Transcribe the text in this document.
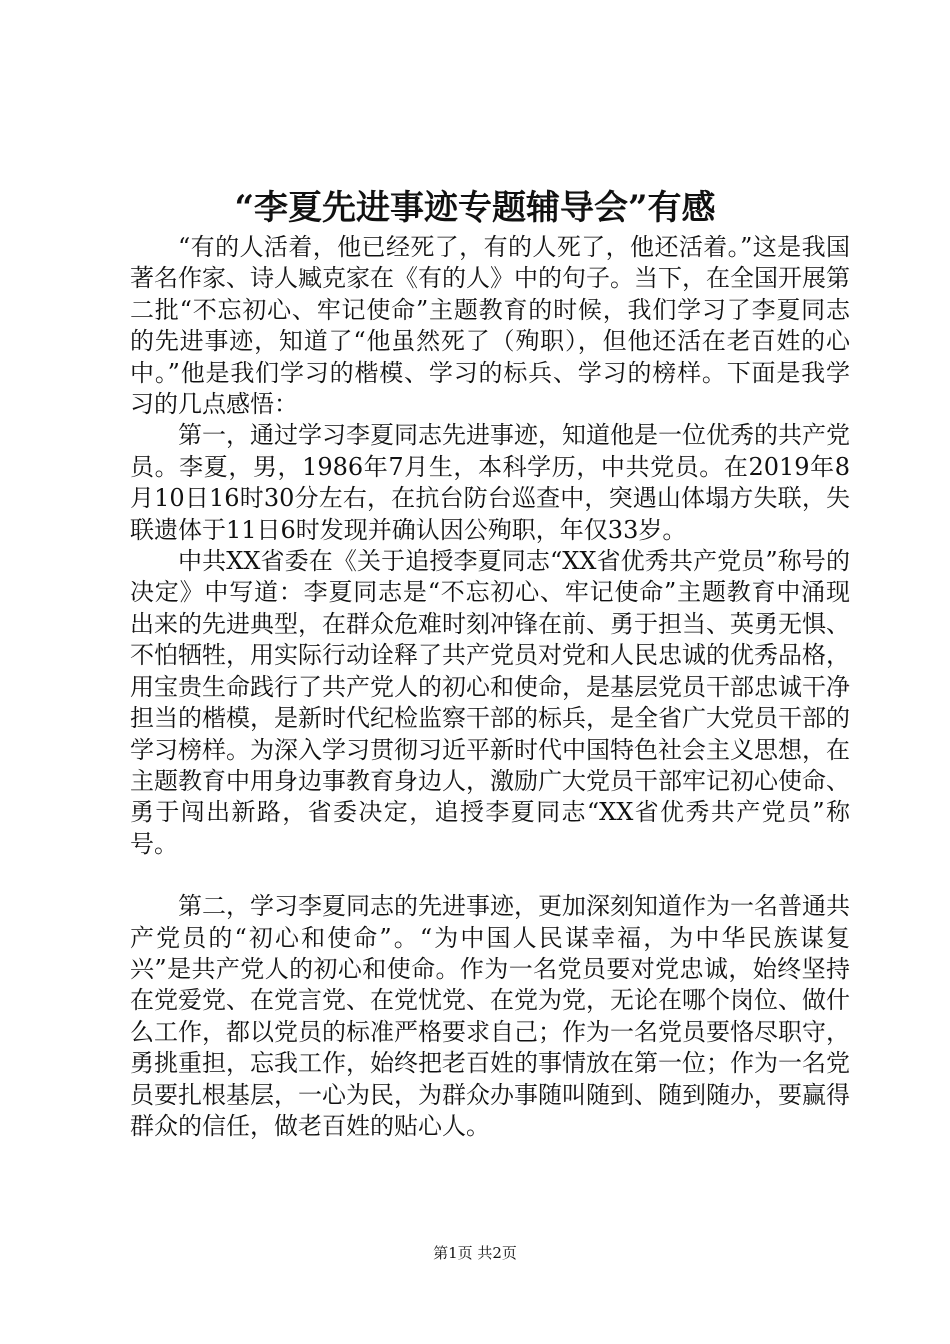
“李夏先进事迹专题辅导会”有感

“有的人活着，他已经死了，有的人死了，他还活着。”这是我国著名作家、诗人臧克家在《有的人》中的句子。当下，在全国开展第二批“不忘初心、牢记使命”主题教育的时候，我们学习了李夏同志的先进事迹，知道了“他虽然死了（殉职），但他还活在老百姓的心中。”他是我们学习的楷模、学习的标兵、学习的榜样。下面是我学习的几点感悟：

第一，通过学习李夏同志先进事迹，知道他是一位优秀的共产党员。李夏，男，1986年7月生，本科学历，中共党员。在2019年8月10日16时30分左右，在抗台防台巡查中，突遇山体塌方失联，失联遗体于11日6时发现并确认因公殉职，年仅33岁。

中共XX省委在《关于追授李夏同志“XX省优秀共产党员”称号的决定》中写道：李夏同志是“不忘初心、牢记使命”主题教育中涌现出来的先进典型，在群众危难时刻冲锋在前、勇于担当、英勇无惧、不怕牺牲，用实际行动诠释了共产党员对党和人民忠诚的优秀品格，用宝贵生命践行了共产党人的初心和使命，是基层党员干部忠诚干净担当的楷模，是新时代纪检监察干部的标兵，是全省广大党员干部的学习榜样。为深入学习贯彻习近平新时代中国特色社会主义思想，在主题教育中用身边事教育身边人，激励广大党员干部牢记初心使命、勇于闯出新路，省委决定，追授李夏同志“XX省优秀共产党员”称号。

第二，学习李夏同志的先进事迹，更加深刻知道作为一名普通共产党员的“初心和使命”。“为中国人民谋幸福，为中华民族谋复兴”是共产党人的初心和使命。作为一名党员要对党忠诚，始终坚持在党爱党、在党言党、在党忧党、在党为党，无论在哪个岗位、做什么工作，都以党员的标准严格要求自己；作为一名党员要恪尽职守，勇挑重担，忘我工作，始终把老百姓的事情放在第一位；作为一名党员要扎根基层，一心为民，为群众办事随叫随到、随到随办，要赢得群众的信任，做老百姓的贴心人。

第1页 共2页
